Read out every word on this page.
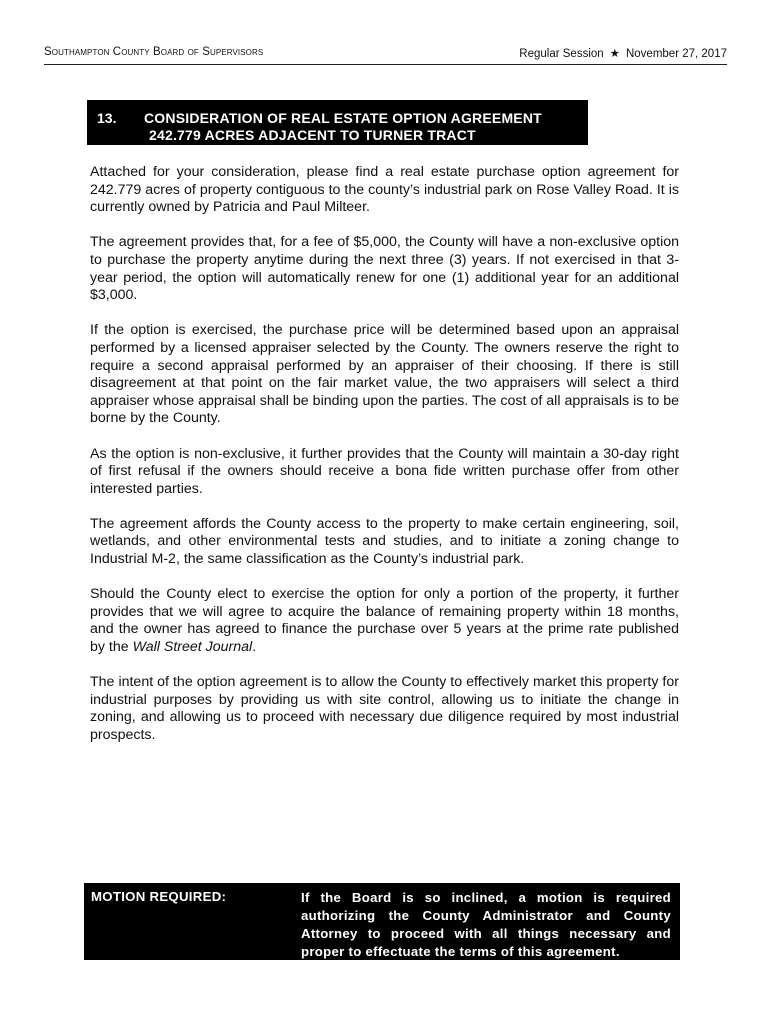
Southampton County Board of Supervisors	Regular Session ★ November 27, 2017
13. CONSIDERATION OF REAL ESTATE OPTION AGREEMENT
242.779 ACRES ADJACENT TO TURNER TRACT

Attached for your consideration, please find a real estate purchase option agreement for 242.779 acres of property contiguous to the county’s industrial park on Rose Valley Road. It is currently owned by Patricia and Paul Milteer.

The agreement provides that, for a fee of $5,000, the County will have a non-exclusive option to purchase the property anytime during the next three (3) years. If not exercised in that 3-year period, the option will automatically renew for one (1) additional year for an additional $3,000.

If the option is exercised, the purchase price will be determined based upon an appraisal performed by a licensed appraiser selected by the County. The owners reserve the right to require a second appraisal performed by an appraiser of their choosing. If there is still disagreement at that point on the fair market value, the two appraisers will select a third appraiser whose appraisal shall be binding upon the parties. The cost of all appraisals is to be borne by the County.

As the option is non-exclusive, it further provides that the County will maintain a 30-day right of first refusal if the owners should receive a bona fide written purchase offer from other interested parties.

The agreement affords the County access to the property to make certain engineering, soil, wetlands, and other environmental tests and studies, and to initiate a zoning change to Industrial M-2, the same classification as the County’s industrial park.

Should the County elect to exercise the option for only a portion of the property, it further provides that we will agree to acquire the balance of remaining property within 18 months, and the owner has agreed to finance the purchase over 5 years at the prime rate published by the Wall Street Journal.

The intent of the option agreement is to allow the County to effectively market this property for industrial purposes by providing us with site control, allowing us to initiate the change in zoning, and allowing us to proceed with necessary due diligence required by most industrial prospects.

MOTION REQUIRED:	If the Board is so inclined, a motion is required authorizing the County Administrator and County Attorney to proceed with all things necessary and proper to effectuate the terms of this agreement.
